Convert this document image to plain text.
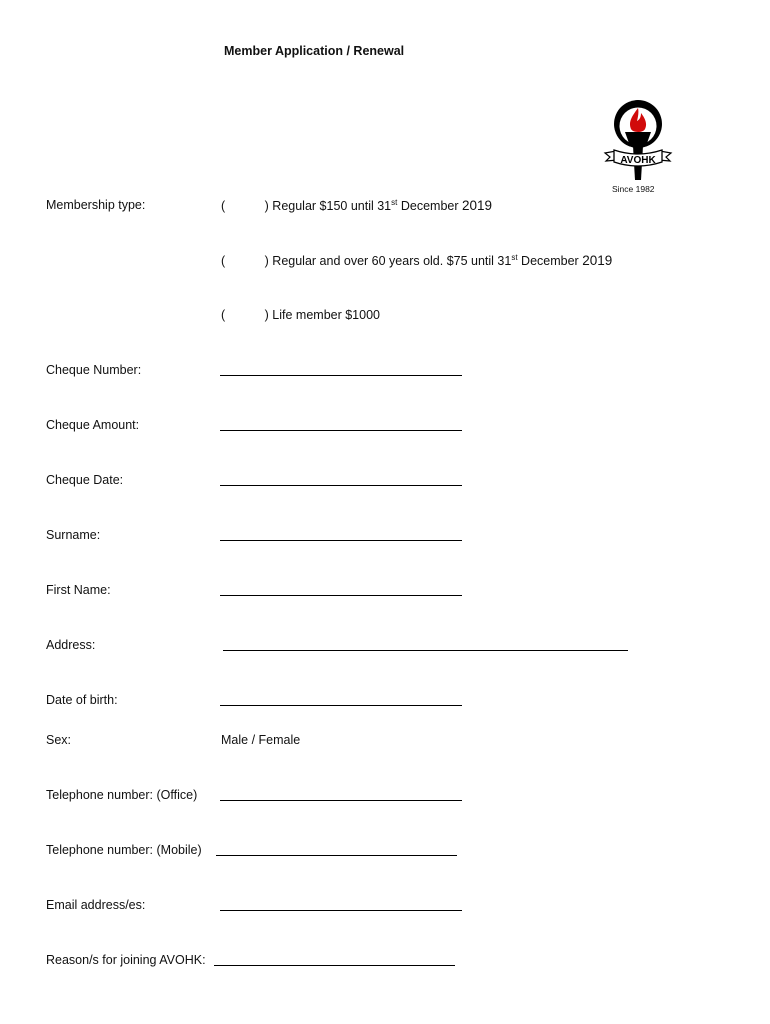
Member Application / Renewal
AVOHK
Since 1982
Membership type:	(	) Regular $150 until 31st December 2019
(	) Regular and over 60 years old. $75 until 31st December 2019
(	) Life member $1000
Cheque Number:
Cheque Amount:
Cheque Date:
Surname:
First Name:
Address:
Date of birth:
Sex:	Male / Female
Telephone number: (Office)
Telephone number: (Mobile)
Email address/es:
Reason/s for joining AVOHK:
